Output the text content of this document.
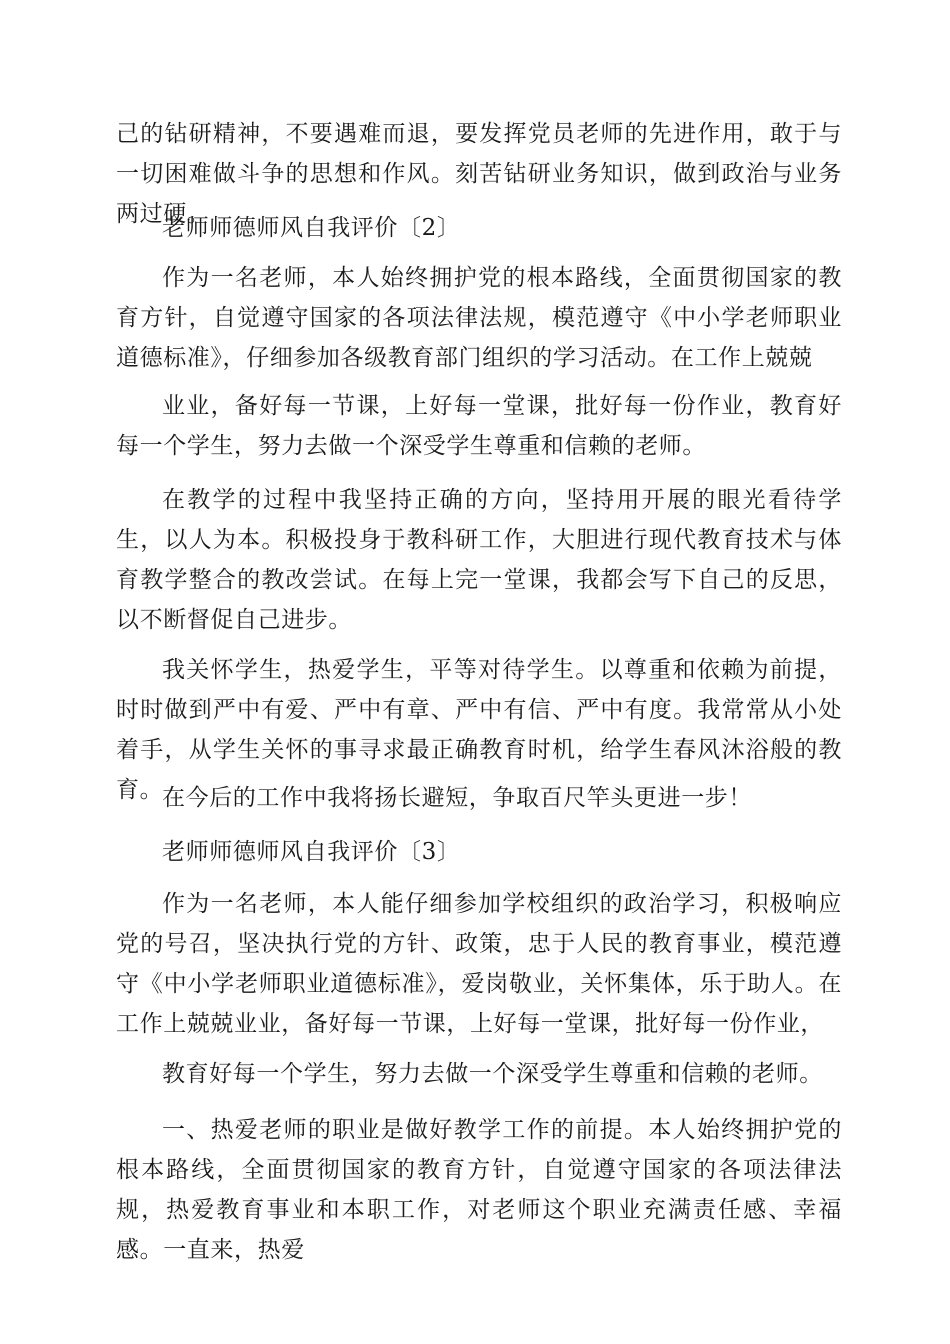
己的钻研精神，不要遇难而退，要发挥党员老师的先进作用，敢于与一切困难做斗争的思想和作风。刻苦钻研业务知识，做到政治与业务两过硬。

老师师德师风自我评价〔2〕

作为一名老师，本人始终拥护党的根本路线，全面贯彻国家的教育方针，自觉遵守国家的各项法律法规，模范遵守《中小学老师职业道德标准》，仔细参加各级教育部门组织的学习活动。在工作上兢兢

业业，备好每一节课，上好每一堂课，批好每一份作业，教育好每一个学生，努力去做一个深受学生尊重和信赖的老师。

在教学的过程中我坚持正确的方向，坚持用开展的眼光看待学生，以人为本。积极投身于教科研工作，大胆进行现代教育技术与体育教学整合的教改尝试。在每上完一堂课，我都会写下自己的反思，以不断督促自己进步。

我关怀学生，热爱学生，平等对待学生。以尊重和依赖为前提，时时做到严中有爱、严中有章、严中有信、严中有度。我常常从小处着手，从学生关怀的事寻求最正确教育时机，给学生春风沐浴般的教育。

在今后的工作中我将扬长避短，争取百尺竿头更进一步！

老师师德师风自我评价〔3〕

作为一名老师，本人能仔细参加学校组织的政治学习，积极响应党的号召，坚决执行党的方针、政策，忠于人民的教育事业，模范遵守《中小学老师职业道德标准》，爱岗敬业，关怀集体，乐于助人。在工作上兢兢业业，备好每一节课，上好每一堂课，批好每一份作业，

教育好每一个学生，努力去做一个深受学生尊重和信赖的老师。

一、热爱老师的职业是做好教学工作的前提。本人始终拥护党的根本路线，全面贯彻国家的教育方针，自觉遵守国家的各项法律法规，热爱教育事业和本职工作，对老师这个职业充满责任感、幸福感。一直来，热爱
